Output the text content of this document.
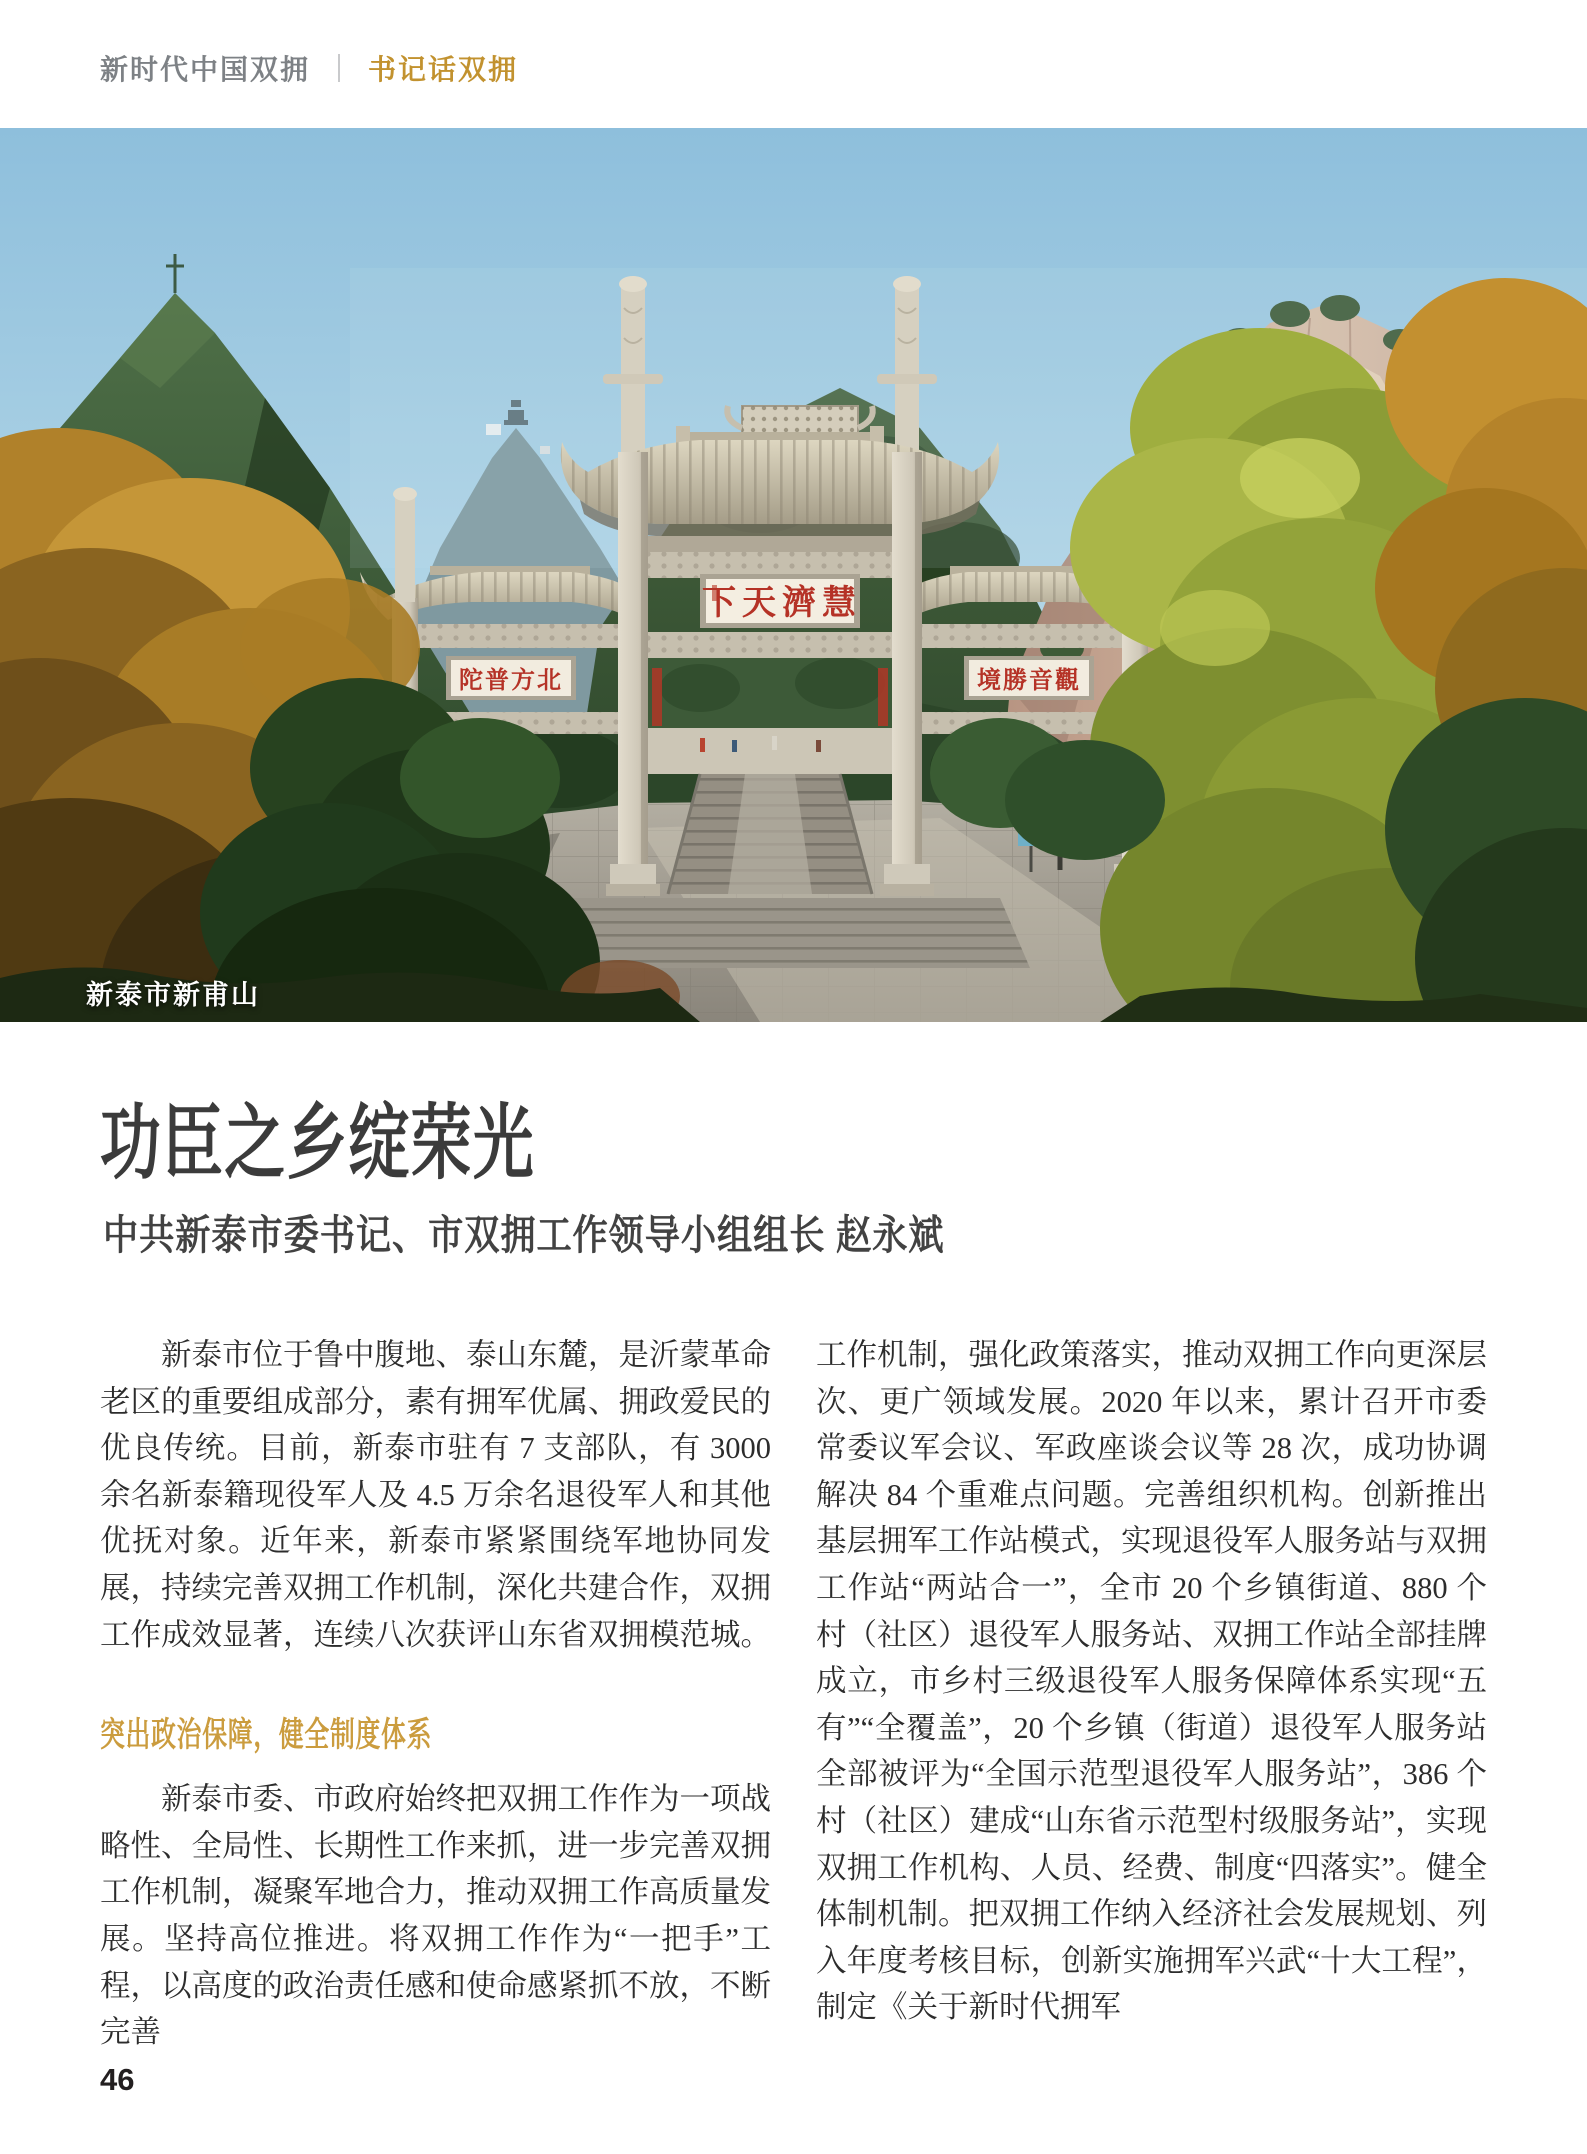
新时代中国双拥 书记话双拥
陀普方北	境勝音觀
下天濟慧
新泰市新甫山
功臣之乡绽荣光
中共新泰市委书记、市双拥工作领导小组组长 赵永斌

新泰市位于鲁中腹地、泰山东麓，是沂蒙革命老区的重要组成部分，素有拥军优属、拥政爱民的优良传统。目前，新泰市驻有 7 支部队，有 3000 余名新泰籍现役军人及 4.5 万余名退役军人和其他优抚对象。近年来，新泰市紧紧围绕军地协同发展，持续完善双拥工作机制，深化共建合作，双拥工作成效显著，连续八次获评山东省双拥模范城。

突出政治保障，健全制度体系

新泰市委、市政府始终把双拥工作作为一项战略性、全局性、长期性工作来抓，进一步完善双拥工作机制，凝聚军地合力，推动双拥工作高质量发展。坚持高位推进。将双拥工作作为“一把手”工程，以高度的政治责任感和使命感紧抓不放，不断完善

工作机制，强化政策落实，推动双拥工作向更深层次、更广领域发展。2020 年以来，累计召开市委常委议军会议、军政座谈会议等 28 次，成功协调解决 84 个重难点问题。完善组织机构。创新推出基层拥军工作站模式，实现退役军人服务站与双拥工作站“两站合一”，全市 20 个乡镇街道、880 个村（社区）退役军人服务站、双拥工作站全部挂牌成立，市乡村三级退役军人服务保障体系实现“五有”“全覆盖”，20 个乡镇（街道）退役军人服务站全部被评为“全国示范型退役军人服务站”，386 个村（社区）建成“山东省示范型村级服务站”，实现双拥工作机构、人员、经费、制度“四落实”。健全体制机制。把双拥工作纳入经济社会发展规划、列入年度考核目标，创新实施拥军兴武“十大工程”，制定《关于新时代拥军

46
